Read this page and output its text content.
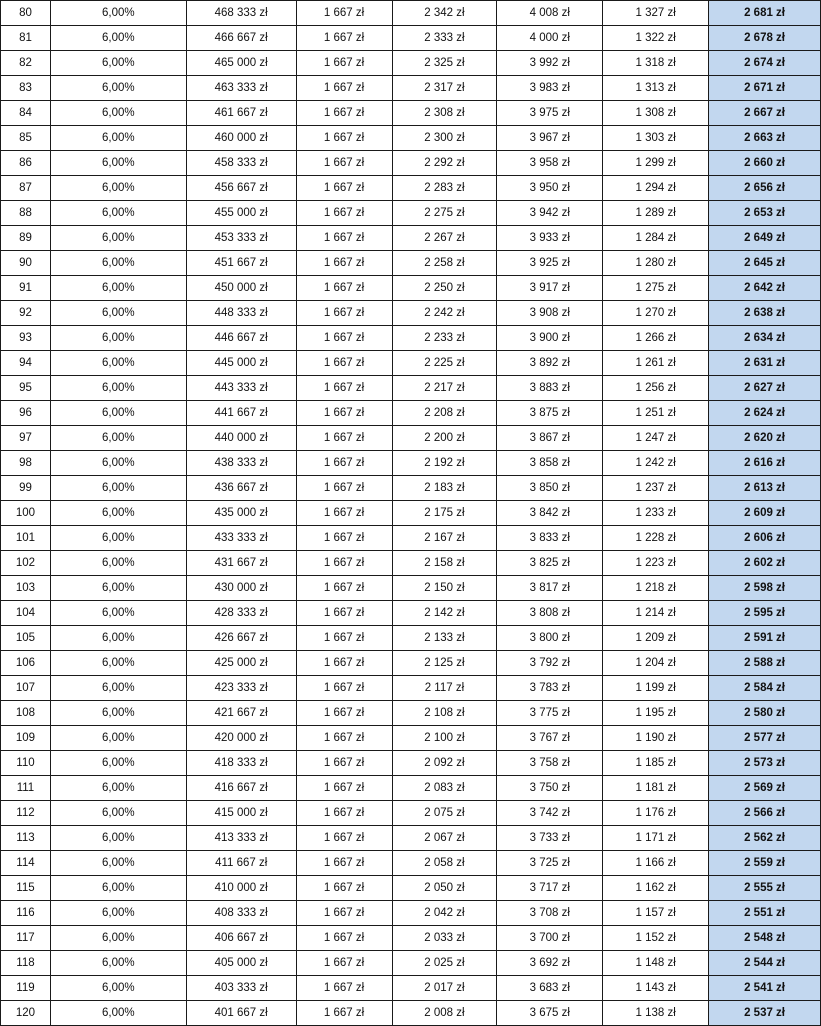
80	6,00%	468 333 zł	1 667 zł	2 342 zł	4 008 zł	1 327 zł	2 681 zł
81	6,00%	466 667 zł	1 667 zł	2 333 zł	4 000 zł	1 322 zł	2 678 zł
82	6,00%	465 000 zł	1 667 zł	2 325 zł	3 992 zł	1 318 zł	2 674 zł
83	6,00%	463 333 zł	1 667 zł	2 317 zł	3 983 zł	1 313 zł	2 671 zł
84	6,00%	461 667 zł	1 667 zł	2 308 zł	3 975 zł	1 308 zł	2 667 zł
85	6,00%	460 000 zł	1 667 zł	2 300 zł	3 967 zł	1 303 zł	2 663 zł
86	6,00%	458 333 zł	1 667 zł	2 292 zł	3 958 zł	1 299 zł	2 660 zł
87	6,00%	456 667 zł	1 667 zł	2 283 zł	3 950 zł	1 294 zł	2 656 zł
88	6,00%	455 000 zł	1 667 zł	2 275 zł	3 942 zł	1 289 zł	2 653 zł
89	6,00%	453 333 zł	1 667 zł	2 267 zł	3 933 zł	1 284 zł	2 649 zł
90	6,00%	451 667 zł	1 667 zł	2 258 zł	3 925 zł	1 280 zł	2 645 zł
91	6,00%	450 000 zł	1 667 zł	2 250 zł	3 917 zł	1 275 zł	2 642 zł
92	6,00%	448 333 zł	1 667 zł	2 242 zł	3 908 zł	1 270 zł	2 638 zł
93	6,00%	446 667 zł	1 667 zł	2 233 zł	3 900 zł	1 266 zł	2 634 zł
94	6,00%	445 000 zł	1 667 zł	2 225 zł	3 892 zł	1 261 zł	2 631 zł
95	6,00%	443 333 zł	1 667 zł	2 217 zł	3 883 zł	1 256 zł	2 627 zł
96	6,00%	441 667 zł	1 667 zł	2 208 zł	3 875 zł	1 251 zł	2 624 zł
97	6,00%	440 000 zł	1 667 zł	2 200 zł	3 867 zł	1 247 zł	2 620 zł
98	6,00%	438 333 zł	1 667 zł	2 192 zł	3 858 zł	1 242 zł	2 616 zł
99	6,00%	436 667 zł	1 667 zł	2 183 zł	3 850 zł	1 237 zł	2 613 zł
100	6,00%	435 000 zł	1 667 zł	2 175 zł	3 842 zł	1 233 zł	2 609 zł
101	6,00%	433 333 zł	1 667 zł	2 167 zł	3 833 zł	1 228 zł	2 606 zł
102	6,00%	431 667 zł	1 667 zł	2 158 zł	3 825 zł	1 223 zł	2 602 zł
103	6,00%	430 000 zł	1 667 zł	2 150 zł	3 817 zł	1 218 zł	2 598 zł
104	6,00%	428 333 zł	1 667 zł	2 142 zł	3 808 zł	1 214 zł	2 595 zł
105	6,00%	426 667 zł	1 667 zł	2 133 zł	3 800 zł	1 209 zł	2 591 zł
106	6,00%	425 000 zł	1 667 zł	2 125 zł	3 792 zł	1 204 zł	2 588 zł
107	6,00%	423 333 zł	1 667 zł	2 117 zł	3 783 zł	1 199 zł	2 584 zł
108	6,00%	421 667 zł	1 667 zł	2 108 zł	3 775 zł	1 195 zł	2 580 zł
109	6,00%	420 000 zł	1 667 zł	2 100 zł	3 767 zł	1 190 zł	2 577 zł
110	6,00%	418 333 zł	1 667 zł	2 092 zł	3 758 zł	1 185 zł	2 573 zł
111	6,00%	416 667 zł	1 667 zł	2 083 zł	3 750 zł	1 181 zł	2 569 zł
112	6,00%	415 000 zł	1 667 zł	2 075 zł	3 742 zł	1 176 zł	2 566 zł
113	6,00%	413 333 zł	1 667 zł	2 067 zł	3 733 zł	1 171 zł	2 562 zł
114	6,00%	411 667 zł	1 667 zł	2 058 zł	3 725 zł	1 166 zł	2 559 zł
115	6,00%	410 000 zł	1 667 zł	2 050 zł	3 717 zł	1 162 zł	2 555 zł
116	6,00%	408 333 zł	1 667 zł	2 042 zł	3 708 zł	1 157 zł	2 551 zł
117	6,00%	406 667 zł	1 667 zł	2 033 zł	3 700 zł	1 152 zł	2 548 zł
118	6,00%	405 000 zł	1 667 zł	2 025 zł	3 692 zł	1 148 zł	2 544 zł
119	6,00%	403 333 zł	1 667 zł	2 017 zł	3 683 zł	1 143 zł	2 541 zł
120	6,00%	401 667 zł	1 667 zł	2 008 zł	3 675 zł	1 138 zł	2 537 zł
